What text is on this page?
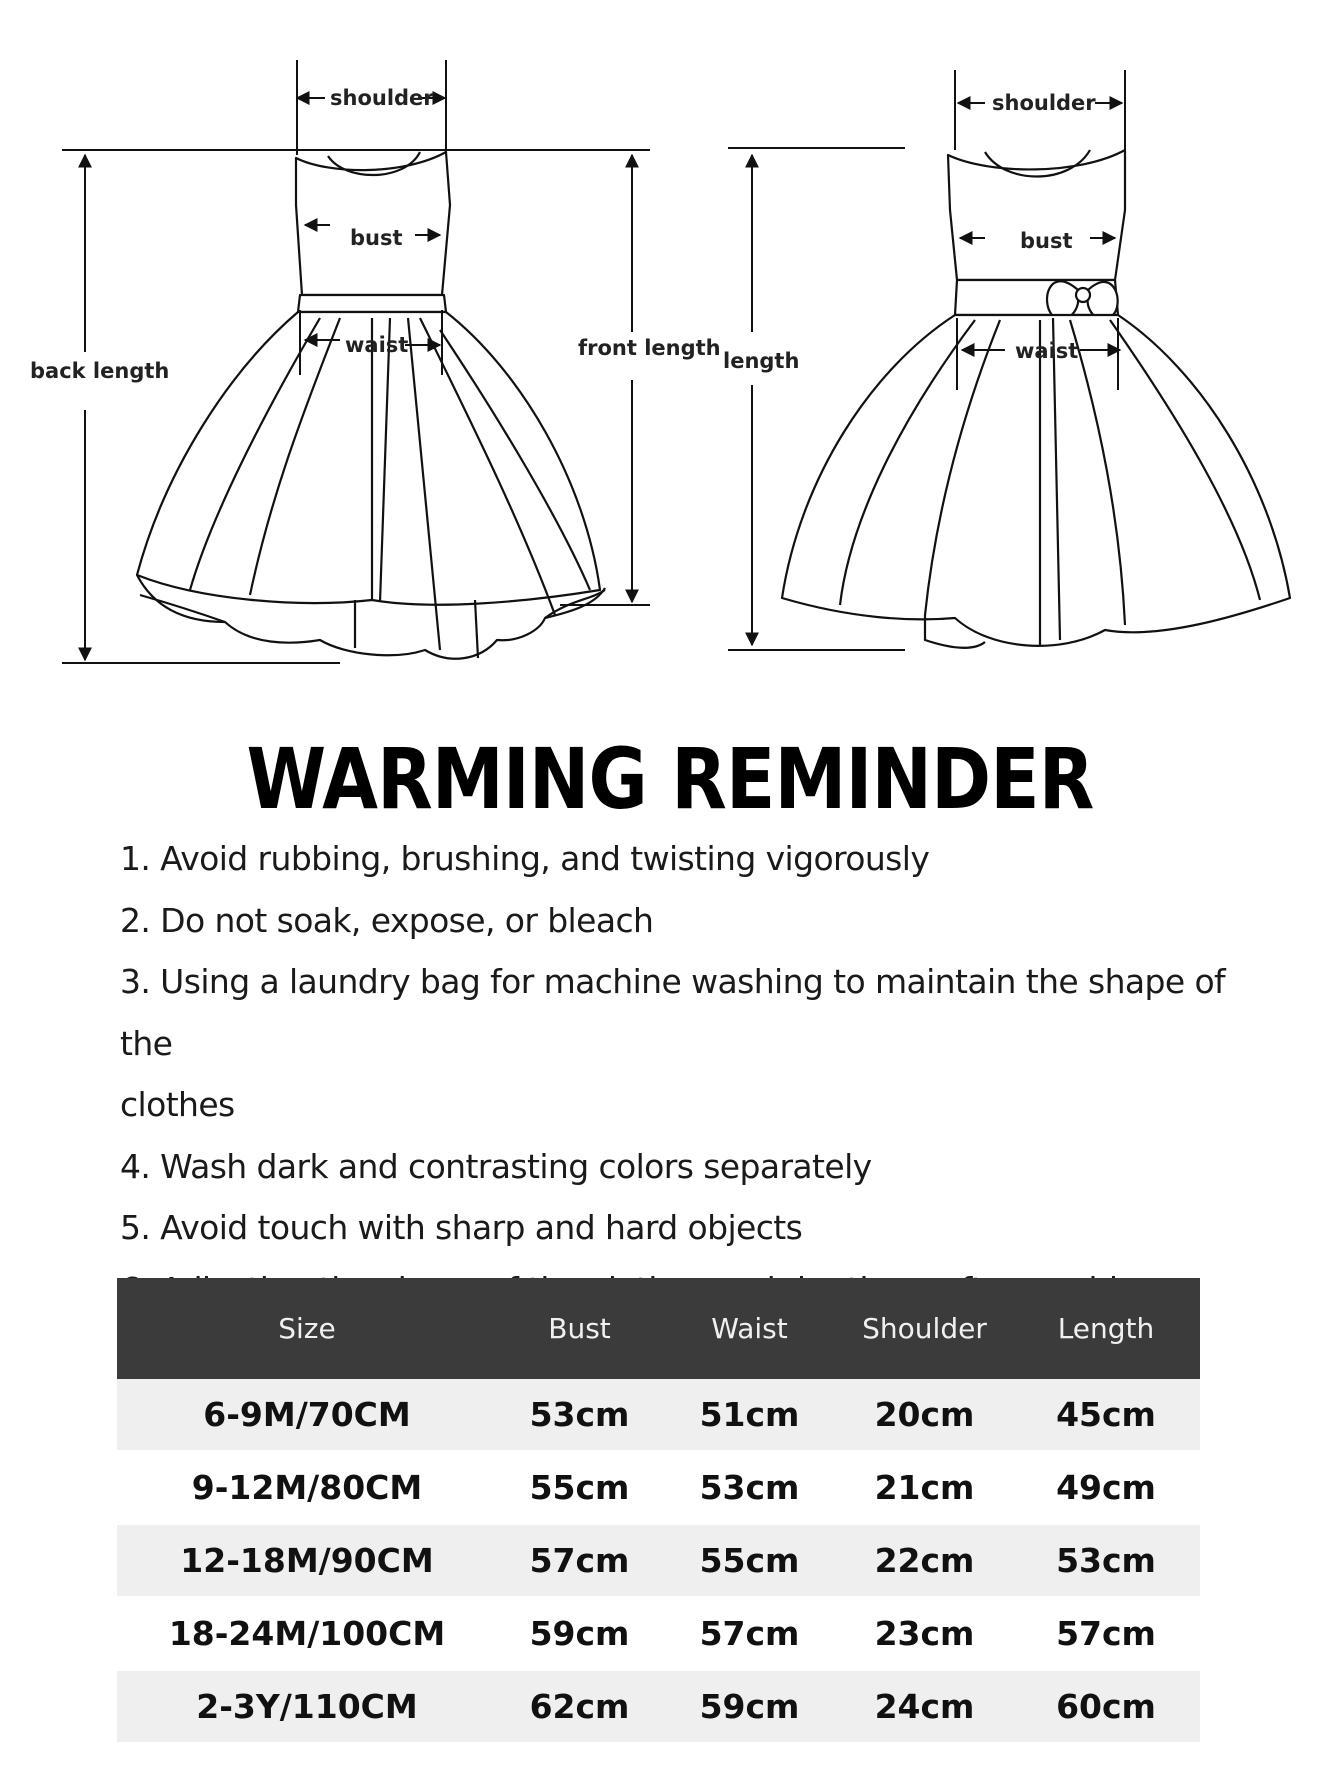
shoulder
bust
waist
back length
front length
shoulder
bust
waist
length
WARMING REMINDER
1. Avoid rubbing, brushing, and twisting vigorously
2. Do not soak, expose, or bleach
3. Using a laundry bag for machine washing to maintain the shape of the
clothes
4. Wash dark and contrasting colors separately
5. Avoid touch with sharp and hard objects
Size	Bust	Waist	Shoulder	Length
6-9M/70CM	53cm	51cm	20cm	45cm
9-12M/80CM	55cm	53cm	21cm	49cm
12-18M/90CM	57cm	55cm	22cm	53cm
18-24M/100CM	59cm	57cm	23cm	57cm
2-3Y/110CM	62cm	59cm	24cm	60cm
